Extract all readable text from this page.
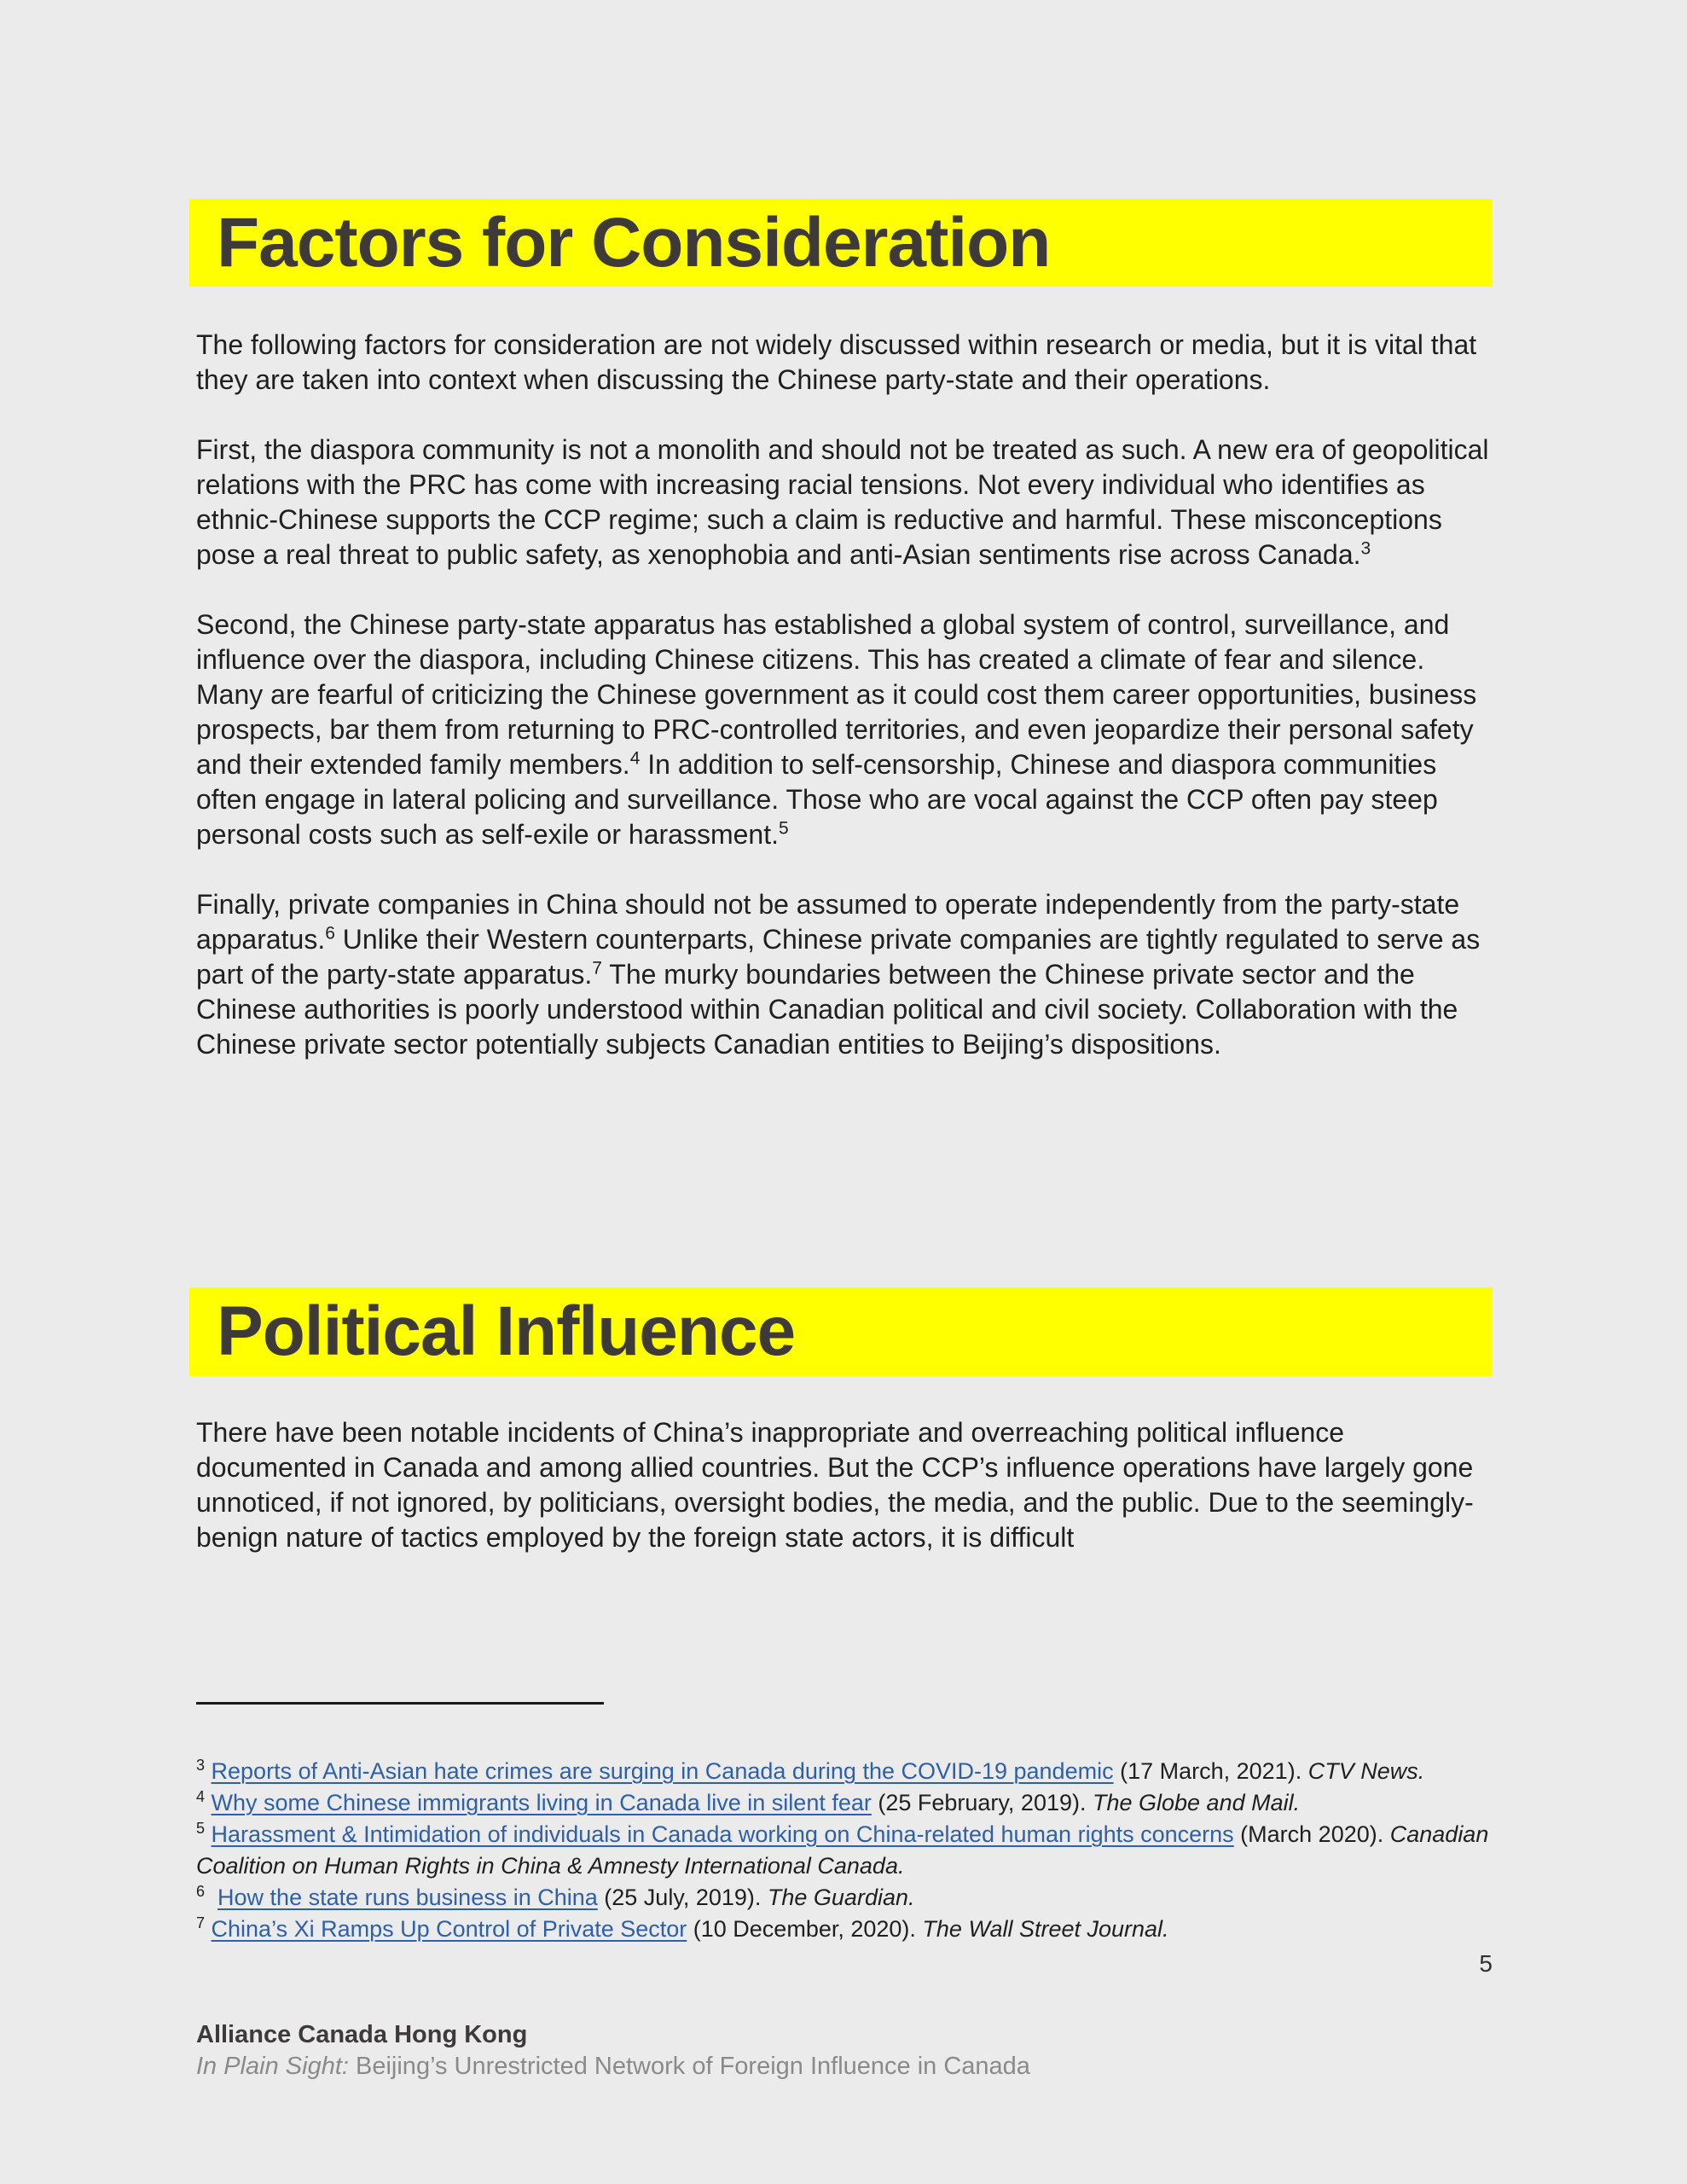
Factors for Consideration

The following factors for consideration are not widely discussed within research or media, but it is vital that they are taken into context when discussing the Chinese party-state and their operations.

First, the diaspora community is not a monolith and should not be treated as such. A new era of geopolitical relations with the PRC has come with increasing racial tensions. Not every individual who identifies as ethnic-Chinese supports the CCP regime; such a claim is reductive and harmful. These misconceptions pose a real threat to public safety, as xenophobia and anti-Asian sentiments rise across Canada.$^3$

Second, the Chinese party-state apparatus has established a global system of control, surveillance, and influence over the diaspora, including Chinese citizens. This has created a climate of fear and silence. Many are fearful of criticizing the Chinese government as it could cost them career opportunities, business prospects, bar them from returning to PRC-controlled territories, and even jeopardize their personal safety and their extended family members.$^4$ In addition to self-censorship, Chinese and diaspora communities often engage in lateral policing and surveillance. Those who are vocal against the CCP often pay steep personal costs such as self-exile or harassment.$^5$

Finally, private companies in China should not be assumed to operate independently from the party-state apparatus.$^6$ Unlike their Western counterparts, Chinese private companies are tightly regulated to serve as part of the party-state apparatus.$^7$ The murky boundaries between the Chinese private sector and the Chinese authorities is poorly understood within Canadian political and civil society. Collaboration with the Chinese private sector potentially subjects Canadian entities to Beijing’s dispositions.

Political Influence

There have been notable incidents of China’s inappropriate and overreaching political influence documented in Canada and among allied countries. But the CCP’s influence operations have largely gone unnoticed, if not ignored, by politicians, oversight bodies, the media, and the public. Due to the seemingly-benign nature of tactics employed by the foreign state actors, it is difficult

$^3$ Reports of Anti-Asian hate crimes are surging in Canada during the COVID-19 pandemic (17 March, 2021). CTV News.
$^4$ Why some Chinese immigrants living in Canada live in silent fear (25 February, 2019). The Globe and Mail.
$^5$ Harassment & Intimidation of individuals in Canada working on China-related human rights concerns (March 2020). Canadian Coalition on Human Rights in China & Amnesty International Canada.
$^6$ How the state runs business in China (25 July, 2019). The Guardian.
$^7$ China’s Xi Ramps Up Control of Private Sector (10 December, 2020). The Wall Street Journal.
5

Alliance Canada Hong Kong

In Plain Sight: Beijing’s Unrestricted Network of Foreign Influence in Canada
